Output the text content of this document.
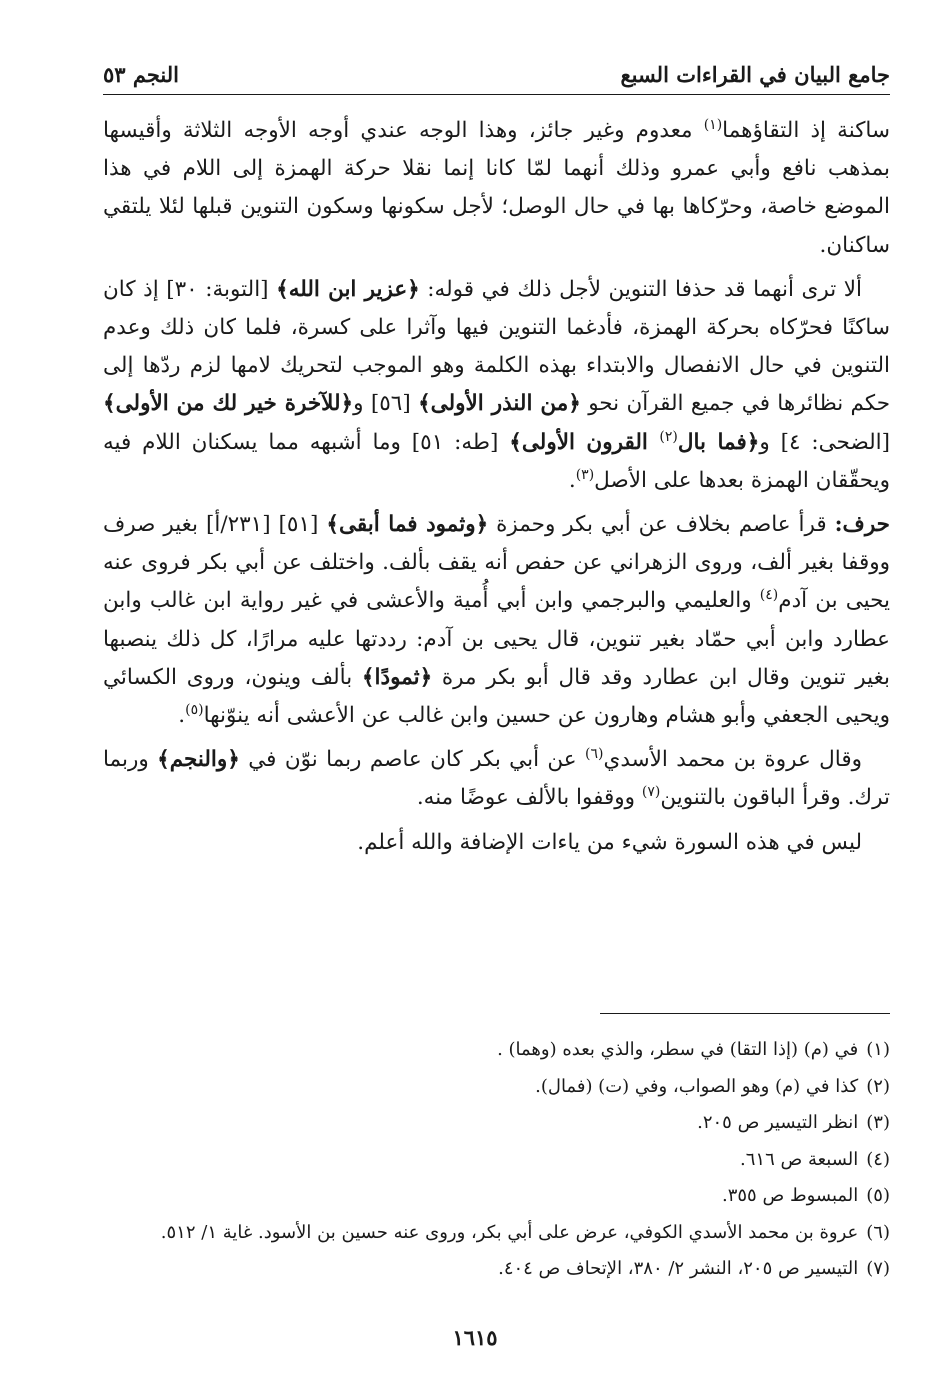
جامع البيان في القراءات السبع
النجم ٥٣

ساكنة إذ التقاؤهما$^{(١)}$ معدوم وغير جائز، وهذا الوجه عندي أوجه الأوجه الثلاثة وأقيسها بمذهب نافع وأبي عمرو وذلك أنهما لمّا كانا إنما نقلا حركة الهمزة إلى اللام في هذا الموضع خاصة، وحرّكاها بها في حال الوصل؛ لأجل سكونها وسكون التنوين قبلها لئلا يلتقي ساكنان.

ألا ترى أنهما قد حذفا التنوين لأجل ذلك في قوله: ﴿عزير ابن الله﴾ [التوبة: ٣٠] إذ كان ساكنًا فحرّكاه بحركة الهمزة، فأدغما التنوين فيها وآثرا على كسرة، فلما كان ذلك وعدم التنوين في حال الانفصال والابتداء بهذه الكلمة وهو الموجب لتحريك لامها لزم ردّها إلى حكم نظائرها في جميع القرآن نحو ﴿من النذر الأولى﴾ [٥٦] و﴿للآخرة خير لك من الأولى﴾ [الضحى: ٤] و﴿فما بال$^{(٢)}$ القرون الأولى﴾ [طه: ٥١] وما أشبهه مما يسكنان اللام فيه ويحقّقان الهمزة بعدها على الأصل$^{(٣)}$.

حرف: قرأ عاصم بخلاف عن أبي بكر وحمزة ﴿وثمود فما أبقى﴾ [٥١] [٢٣١/أ] بغير صرف ووقفا بغير ألف، وروى الزهراني عن حفص أنه يقف بألف. واختلف عن أبي بكر فروى عنه يحيى بن آدم$^{(٤)}$ والعليمي والبرجمي وابن أبي أُمية والأعشى في غير رواية ابن غالب وابن عطارد وابن أبي حمّاد بغير تنوين، قال يحيى بن آدم: رددتها عليه مرارًا، كل ذلك ينصبها بغير تنوين وقال ابن عطارد وقد قال أبو بكر مرة ﴿ثمودًا﴾ بألف وينون، وروى الكسائي ويحيى الجعفي وأبو هشام وهارون عن حسين وابن غالب عن الأعشى أنه ينوّنها$^{(٥)}$.

وقال عروة بن محمد الأسدي$^{(٦)}$ عن أبي بكر كان عاصم ربما نوّن في ﴿والنجم﴾ وربما ترك. وقرأ الباقون بالتنوين$^{(٧)}$ ووقفوا بالألف عوضًا منه.

ليس في هذه السورة شيء من ياءات الإضافة والله أعلم.

(١)في (م) (إذا التقا) في سطر، والذي بعده (وهما) .
(٢)كذا في (م) وهو الصواب، وفي (ت) (فمال).
(٣)انظر التيسير ص ٢٠٥.
(٤)السبعة ص ٦١٦.
(٥)المبسوط ص ٣٥٥.
(٦)عروة بن محمد الأسدي الكوفي، عرض على أبي بكر، وروى عنه حسين بن الأسود. غاية ١/ ٥١٢.
(٧)التيسير ص ٢٠٥، النشر ٢/ ٣٨٠، الإتحاف ص ٤٠٤.
١٦١٥
